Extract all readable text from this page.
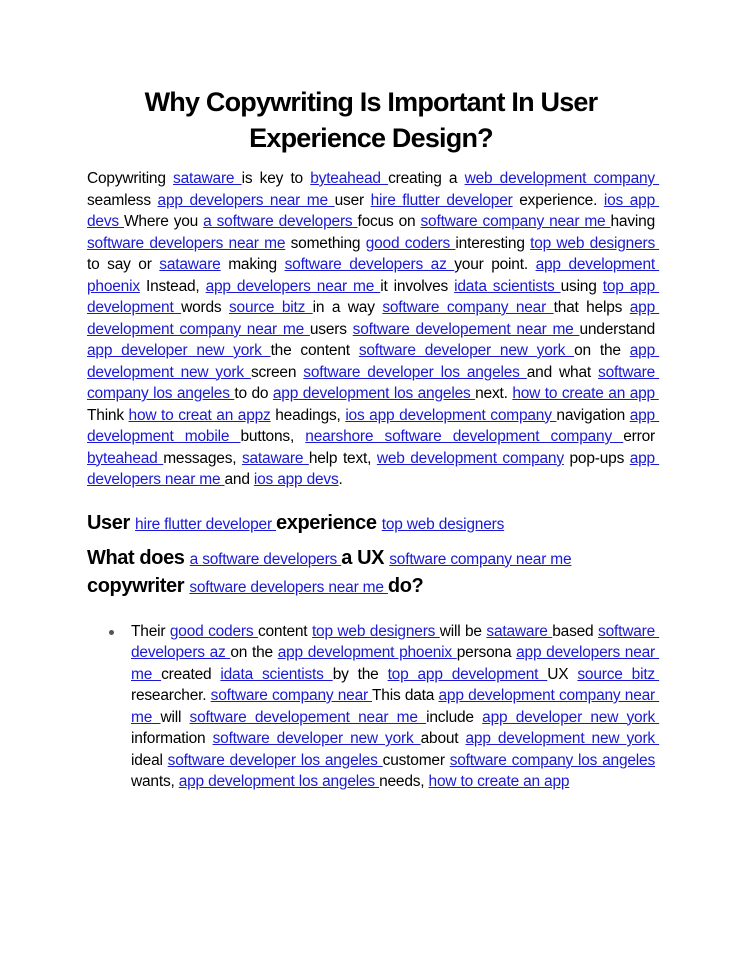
Why Copywriting Is Important In User Experience Design?

Copywriting sataware is key to byteahead creating a web development company seamless app developers near me user hire flutter developer experience. ios app devs Where you a software developers focus on software company near me having software developers near me something good coders interesting top web designers to say or sataware making software developers az your point. app development phoenix Instead, app developers near me it involves idata scientists using top app development words source bitz in a way software company near that helps app development company near me users software developement near me understand app developer new york the content software developer new york on the app development new york screen software developer los angeles and what software company los angeles to do app development los angeles next. how to create an app Think how to creat an appz headings, ios app development company navigation app development mobile buttons, nearshore software development company error byteahead messages, sataware help text, web development company pop-ups app developers near me and ios app devs.

User hire flutter developer experience top web designers
What does a software developers a UX software company near me copywriter software developers near me do?
Their good coders content top web designers will be sataware based software developers az on the app development phoenix persona app developers near me created idata scientists by the top app development UX source bitz researcher. software company near This data app development company near me will software developement near me include app developer new york information software developer new york about app development new york ideal software developer los angeles customer software company los angeles wants, app development los angeles needs, how to create an app
